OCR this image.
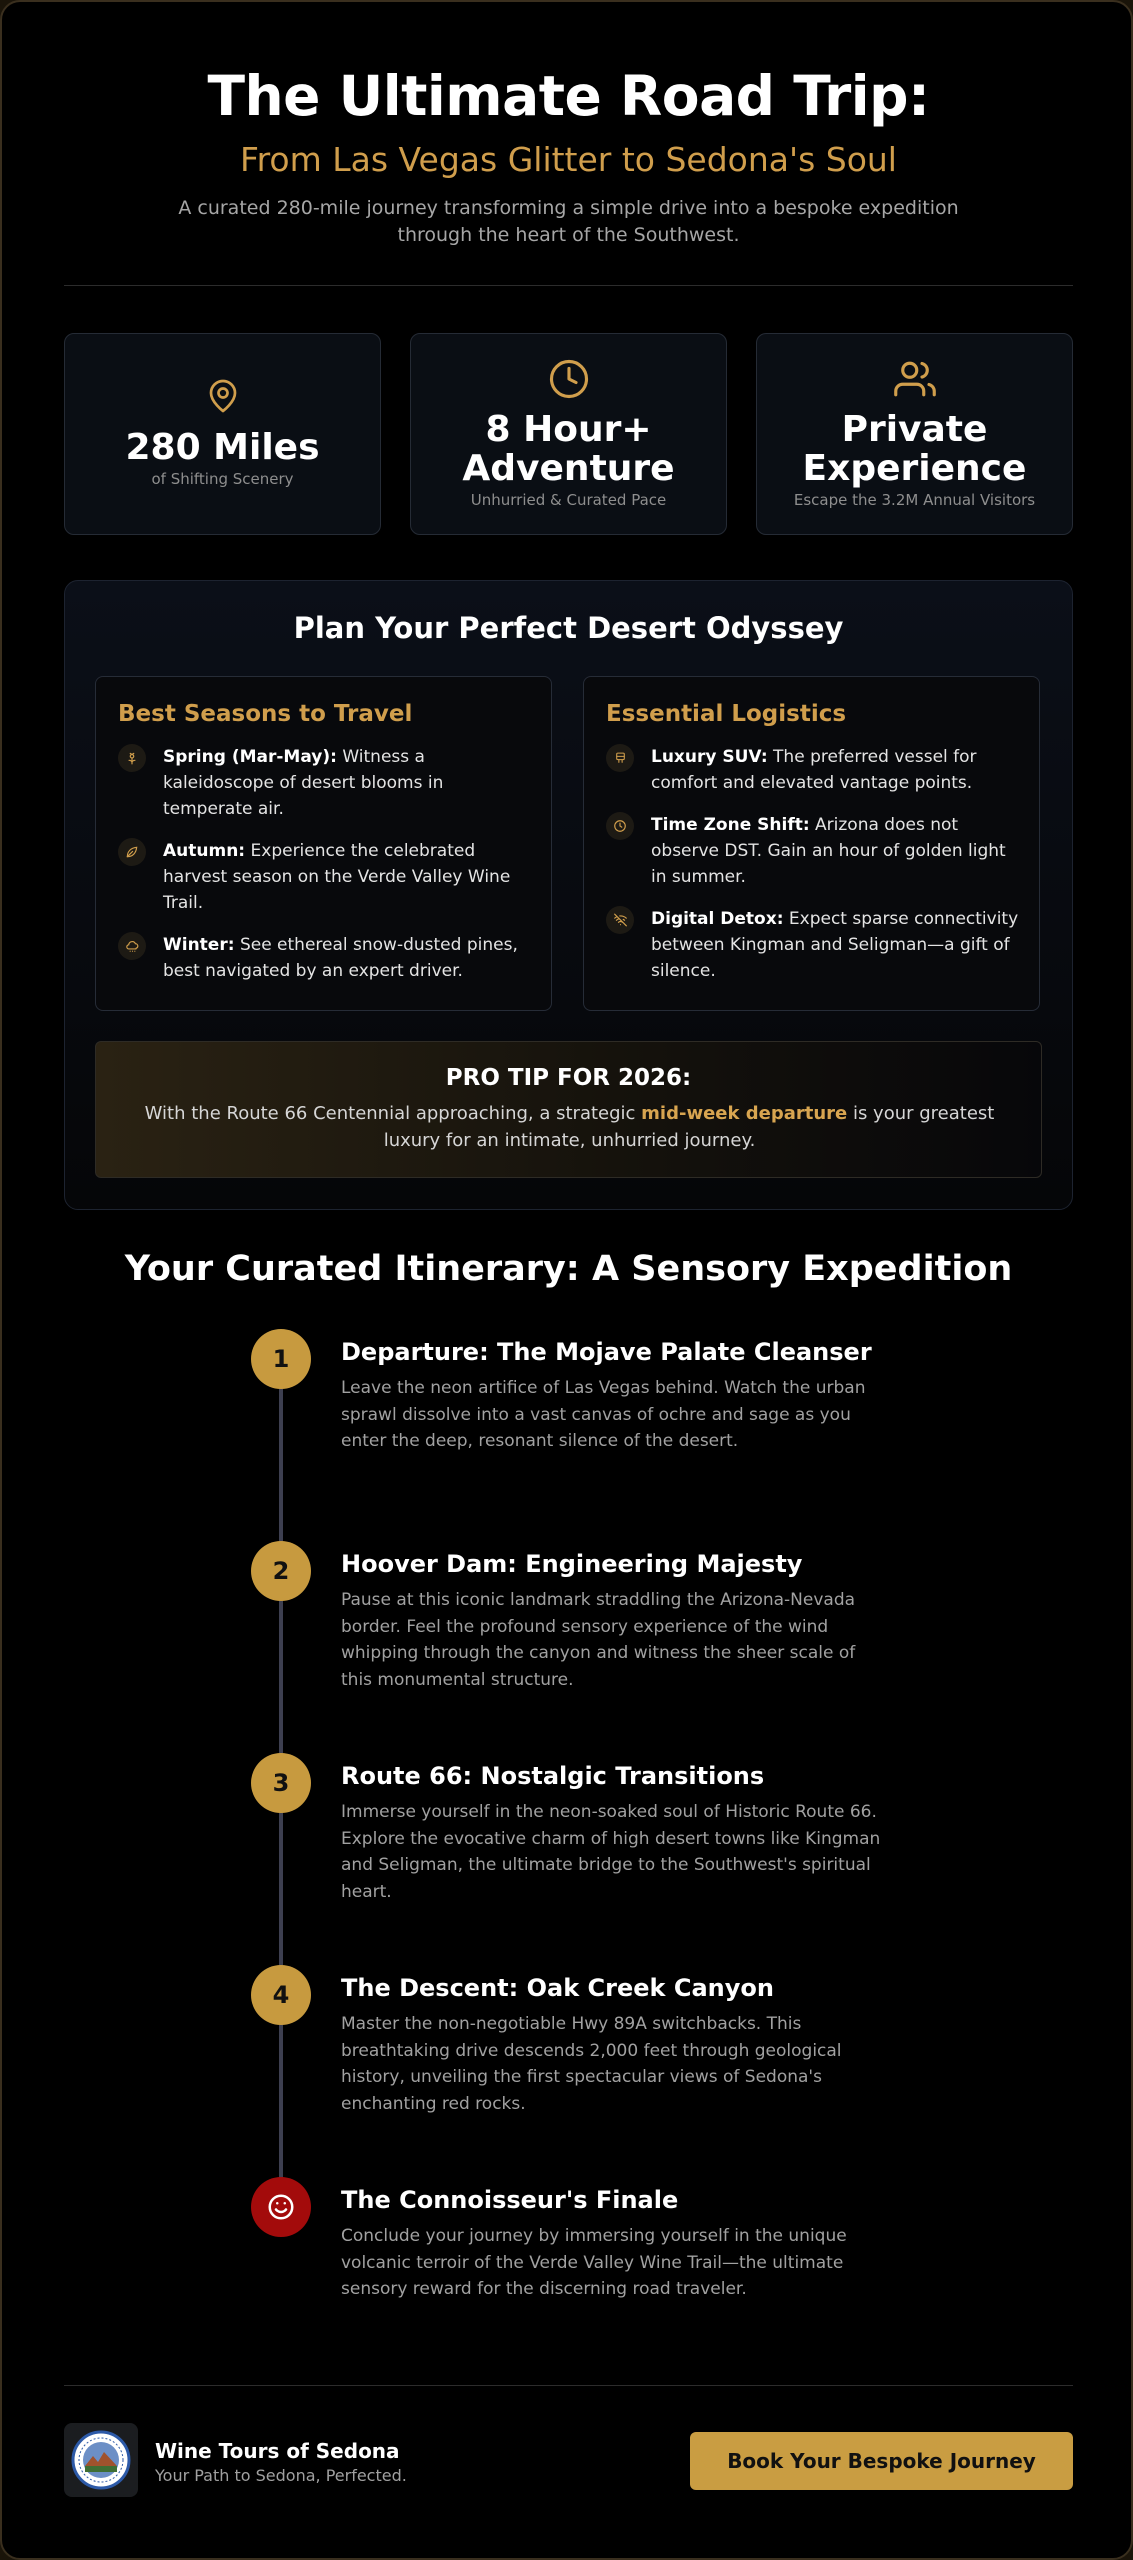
The Ultimate Road Trip:
From Las Vegas Glitter to Sedona's Soul

A curated 280-mile journey transforming a simple drive into a bespoke expedition through the heart of the Southwest.

280 Miles
of Shifting Scenery
8 Hour+
Adventure
Unhurried & Curated Pace
Private
Experience
Escape the 3.2M Annual Visitors
Plan Your Perfect Desert Odyssey
Best Seasons to Travel
Spring (Mar-May): Witness a kaleidoscope of desert blooms in temperate air.
Autumn: Experience the celebrated harvest season on the Verde Valley Wine Trail.
Winter: See ethereal snow-dusted pines, best navigated by an expert driver.
Essential Logistics
Luxury SUV: The preferred vessel for comfort and elevated vantage points.
Time Zone Shift: Arizona does not observe DST. Gain an hour of golden light in summer.
Digital Detox: Expect sparse connectivity between Kingman and Seligman—a gift of silence.
PRO TIP FOR 2026:

With the Route 66 Centennial approaching, a strategic mid-week departure is your greatest luxury for an intimate, unhurried journey.

Your Curated Itinerary: A Sensory Expedition
1	Departure: The Mojave Palate Cleanser

Leave the neon artifice of Las Vegas behind. Watch the urban sprawl dissolve into a vast canvas of ochre and sage as you enter the deep, resonant silence of the desert.

2	Hoover Dam: Engineering Majesty

Pause at this iconic landmark straddling the Arizona-Nevada border. Feel the profound sensory experience of the wind whipping through the canyon and witness the sheer scale of this monumental structure.

3	Route 66: Nostalgic Transitions

Immerse yourself in the neon-soaked soul of Historic Route 66. Explore the evocative charm of high desert towns like Kingman and Seligman, the ultimate bridge to the Southwest's spiritual heart.

4	The Descent: Oak Creek Canyon

Master the non-negotiable Hwy 89A switchbacks. This breathtaking drive descends 2,000 feet through geological history, unveiling the first spectacular views of Sedona's enchanting red rocks.

The Connoisseur's Finale

Conclude your journey by immersing yourself in the unique volcanic terroir of the Verde Valley Wine Trail—the ultimate sensory reward for the discerning road traveler.

Wine Tours of Sedona
Your Path to Sedona, Perfected.
Book Your Bespoke Journey
